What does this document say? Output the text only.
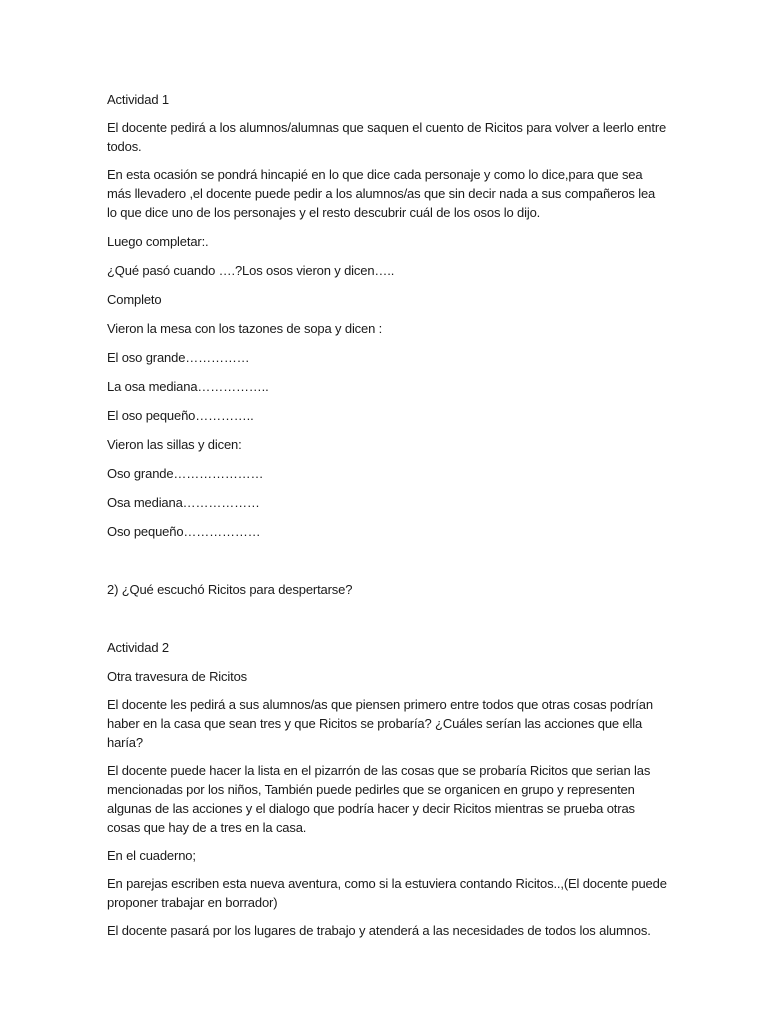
Actividad 1

El docente pedirá a los alumnos/alumnas que saquen el cuento de Ricitos para volver a leerlo entre todos.

En esta ocasión se pondrá hincapié en lo que dice cada personaje y como lo dice,para que sea más llevadero ,el docente puede pedir a los alumnos/as que sin decir nada a sus compañeros lea lo que dice uno de los personajes y el resto descubrir cuál de los osos lo dijo.

Luego completar:.

¿Qué pasó cuando ….?Los osos vieron y dicen…..

Completo

Vieron la mesa con los tazones de sopa y dicen :

El oso grande……………

La osa mediana……………..

El oso pequeño…………..

Vieron las sillas y dicen:

Oso grande…………………

Osa mediana………………

Oso pequeño………………

2) ¿Qué escuchó Ricitos para despertarse?

Actividad 2

Otra travesura de Ricitos

El docente les pedirá a sus alumnos/as que piensen primero entre todos que otras cosas podrían haber en la casa que sean tres y que Ricitos se probaría? ¿Cuáles serían las acciones que ella haría?

El docente puede hacer la lista en el pizarrón de las cosas que se probaría Ricitos que serian las mencionadas por los niños, También puede pedirles que se organicen en grupo y representen algunas de las acciones y el dialogo que podría hacer y decir Ricitos mientras se prueba otras cosas que hay de a tres en la casa.

En el cuaderno;

En parejas escriben esta nueva aventura, como si la estuviera contando Ricitos..,(El docente puede proponer trabajar en borrador)

El docente pasará por los lugares de trabajo y atenderá a las necesidades de todos los alumnos.
